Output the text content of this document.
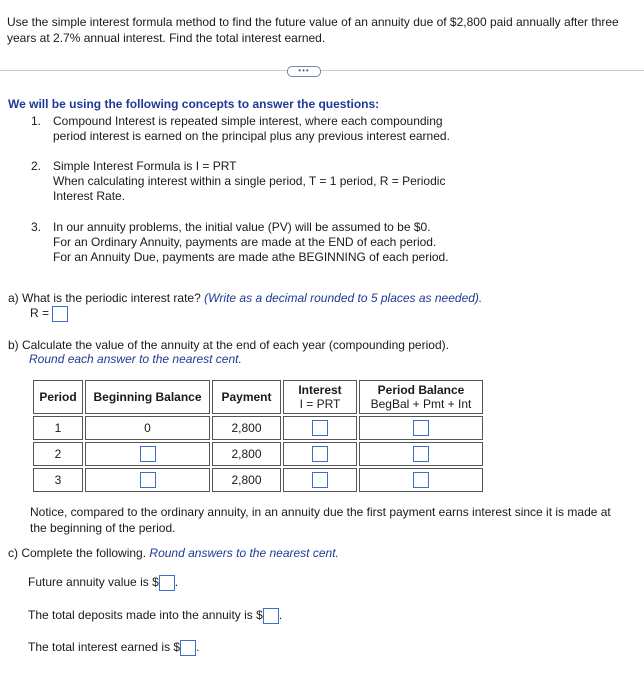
Use the simple interest formula method to find the future value of an annuity due of $2,800 paid annually after three years at 2.7% annual interest. Find the total interest earned.
•••
We will be using the following concepts to answer the questions:
1. Compound Interest is repeated simple interest, where each compounding
period interest is earned on the principal plus any previous interest earned.
2. Simple Interest Formula is I = PRT
When calculating interest within a single period, T = 1 period, R = Periodic
Interest Rate.
3. In our annuity problems, the initial value (PV) will be assumed to be $0.
For an Ordinary Annuity, payments are made at the END of each period.
For an Annuity Due, payments are made athe BEGINNING of each period.
a) What is the periodic interest rate? (Write as a decimal rounded to 5 places as needed).
R =
b) Calculate the value of the annuity at the end of each year (compounding period).
Round each answer to the nearest cent.
Period	Beginning Balance	Payment	Interest
I = PRT	Period Balance
BegBal + Pmt + Int

1	0	2,800		
2		2,800		
3		2,800		
Notice, compared to the ordinary annuity, in an annuity due the first payment earns interest since it is made at the beginning of the period.
c) Complete the following. Round answers to the nearest cent.
Future annuity value is $ .
The total deposits made into the annuity is $ .
The total interest earned is $ .
